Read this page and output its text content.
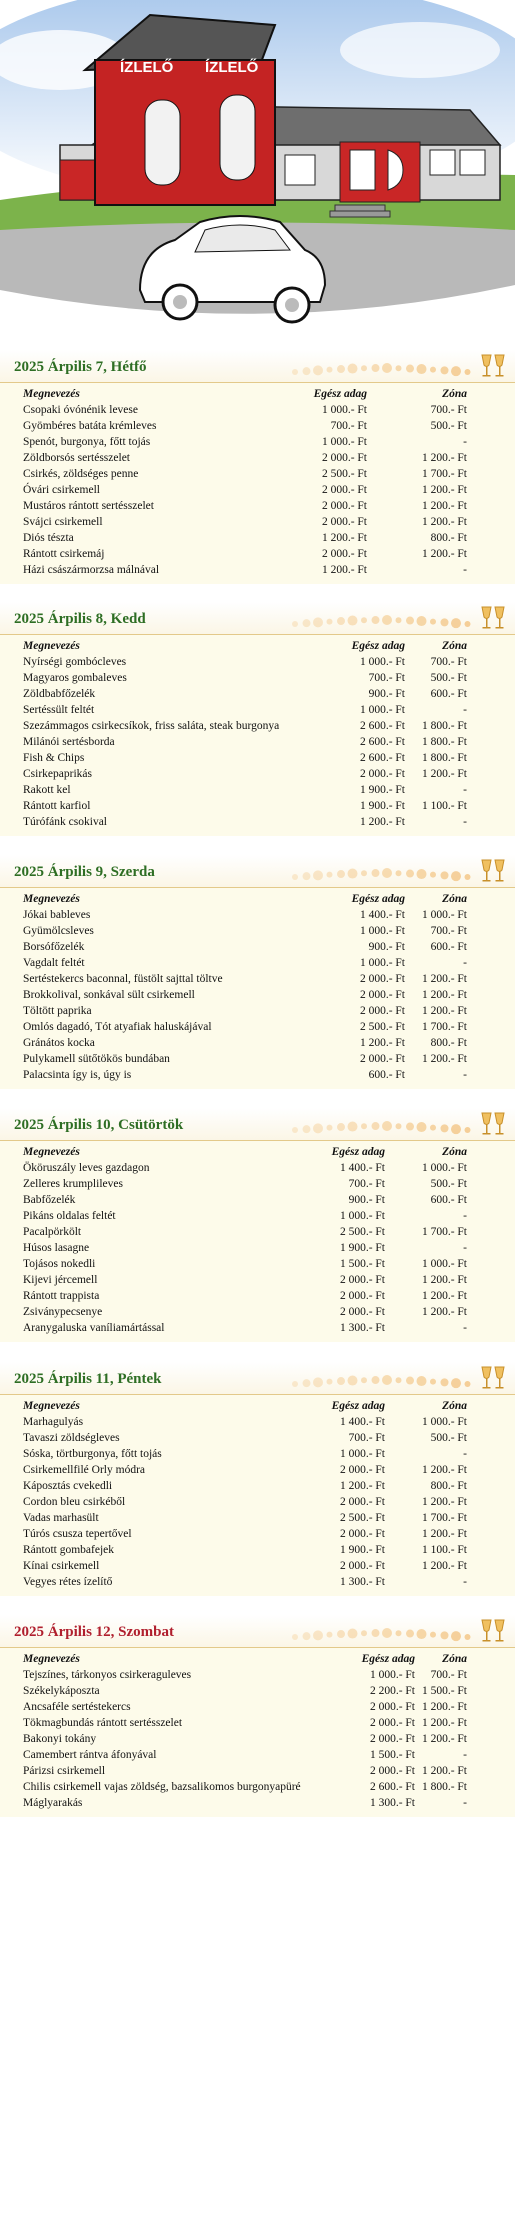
ÍZLELŐ ÍZLELŐ
2025 Árpilis 7, Hétfő
Megnevezés	Egész adag	Zóna
Csopaki óvónénik levese	1 000.- Ft	700.- Ft
Gyömbéres batáta krémleves	700.- Ft	500.- Ft
Spenót, burgonya, főtt tojás	1 000.- Ft	-
Zöldborsós sertésszelet	2 000.- Ft	1 200.- Ft
Csirkés, zöldséges penne	2 500.- Ft	1 700.- Ft
Óvári csirkemell	2 000.- Ft	1 200.- Ft
Mustáros rántott sertésszelet	2 000.- Ft	1 200.- Ft
Svájci csirkemell	2 000.- Ft	1 200.- Ft
Diós tészta	1 200.- Ft	800.- Ft
Rántott csirkemáj	2 000.- Ft	1 200.- Ft
Házi császármorzsa málnával	1 200.- Ft	-
2025 Árpilis 8, Kedd
Megnevezés	Egész adag	Zóna
Nyírségi gombócleves	1 000.- Ft 700.- Ft
Magyaros gombaleves	700.- Ft 500.- Ft
Zöldbabfőzelék	900.- Ft 600.- Ft
Sertéssült feltét	1 000.- Ft	-
Szezámmagos csirkecsíkok, friss saláta, steak burgonya	2 600.- Ft 1 800.- Ft
Milánói sertésborda	2 600.- Ft 1 800.- Ft
Fish & Chips	2 600.- Ft 1 800.- Ft
Csirkepaprikás	2 000.- Ft 1 200.- Ft
Rakott kel	1 900.- Ft	-
Rántott karfiol	1 900.- Ft 1 100.- Ft
Túrófánk csokival	1 200.- Ft	-
2025 Árpilis 9, Szerda
Megnevezés	Egész adag	Zóna
Jókai bableves	1 400.- Ft 1 000.- Ft
Gyümölcsleves	1 000.- Ft 700.- Ft
Borsófőzelék	900.- Ft 600.- Ft
Vagdalt feltét	1 000.- Ft	-
Sertéstekercs baconnal, füstölt sajttal töltve	2 000.- Ft 1 200.- Ft
Brokkolival, sonkával sült csirkemell	2 000.- Ft 1 200.- Ft
Töltött paprika	2 000.- Ft 1 200.- Ft
Omlós dagadó, Tót atyafiak haluskájával	2 500.- Ft 1 700.- Ft
Gránátos kocka	1 200.- Ft 800.- Ft
Pulykamell sütőtökös bundában	2 000.- Ft 1 200.- Ft
Palacsinta így is, úgy is	600.- Ft	-
2025 Árpilis 10, Csütörtök
Megnevezés	Egész adag	Zóna
Ököruszály leves gazdagon	1 400.- Ft	1 000.- Ft
Zelleres krumplileves	700.- Ft	500.- Ft
Babfőzelék	900.- Ft	600.- Ft
Pikáns oldalas feltét	1 000.- Ft	-
Pacalpörkölt	2 500.- Ft	1 700.- Ft
Húsos lasagne	1 900.- Ft	-
Tojásos nokedli	1 500.- Ft	1 000.- Ft
Kijevi jércemell	2 000.- Ft	1 200.- Ft
Rántott trappista	2 000.- Ft	1 200.- Ft
Zsiványpecsenye	2 000.- Ft	1 200.- Ft
Aranygaluska vaníliamártással	1 300.- Ft	-
2025 Árpilis 11, Péntek
Megnevezés	Egész adag	Zóna
Marhagulyás	1 400.- Ft	1 000.- Ft
Tavaszi zöldségleves	700.- Ft	500.- Ft
Sóska, törtburgonya, főtt tojás	1 000.- Ft	-
Csirkemellfilé Orly módra	2 000.- Ft	1 200.- Ft
Káposztás cvekedli	1 200.- Ft	800.- Ft
Cordon bleu csirkéből	2 000.- Ft	1 200.- Ft
Vadas marhasült	2 500.- Ft	1 700.- Ft
Túrós csusza tepertővel	2 000.- Ft	1 200.- Ft
Rántott gombafejek	1 900.- Ft	1 100.- Ft
Kínai csirkemell	2 000.- Ft	1 200.- Ft
Vegyes rétes ízelítő	1 300.- Ft	-
2025 Árpilis 12, Szombat
Megnevezés	Egész adag Zóna
Tejszínes, tárkonyos csirkeraguleves	1 000.- Ft 700.- Ft
Székelykáposzta	2 200.- Ft 1 500.- Ft
Ancsaféle sertéstekercs	2 000.- Ft 1 200.- Ft
Tökmagbundás rántott sertésszelet	2 000.- Ft 1 200.- Ft
Bakonyi tokány	2 000.- Ft 1 200.- Ft
Camembert rántva áfonyával	1 500.- Ft	-
Párizsi csirkemell	2 000.- Ft 1 200.- Ft
Chilis csirkemell vajas zöldség, bazsalikomos burgonyapüré	2 600.- Ft 1 800.- Ft
Máglyarakás	1 300.- Ft	-
